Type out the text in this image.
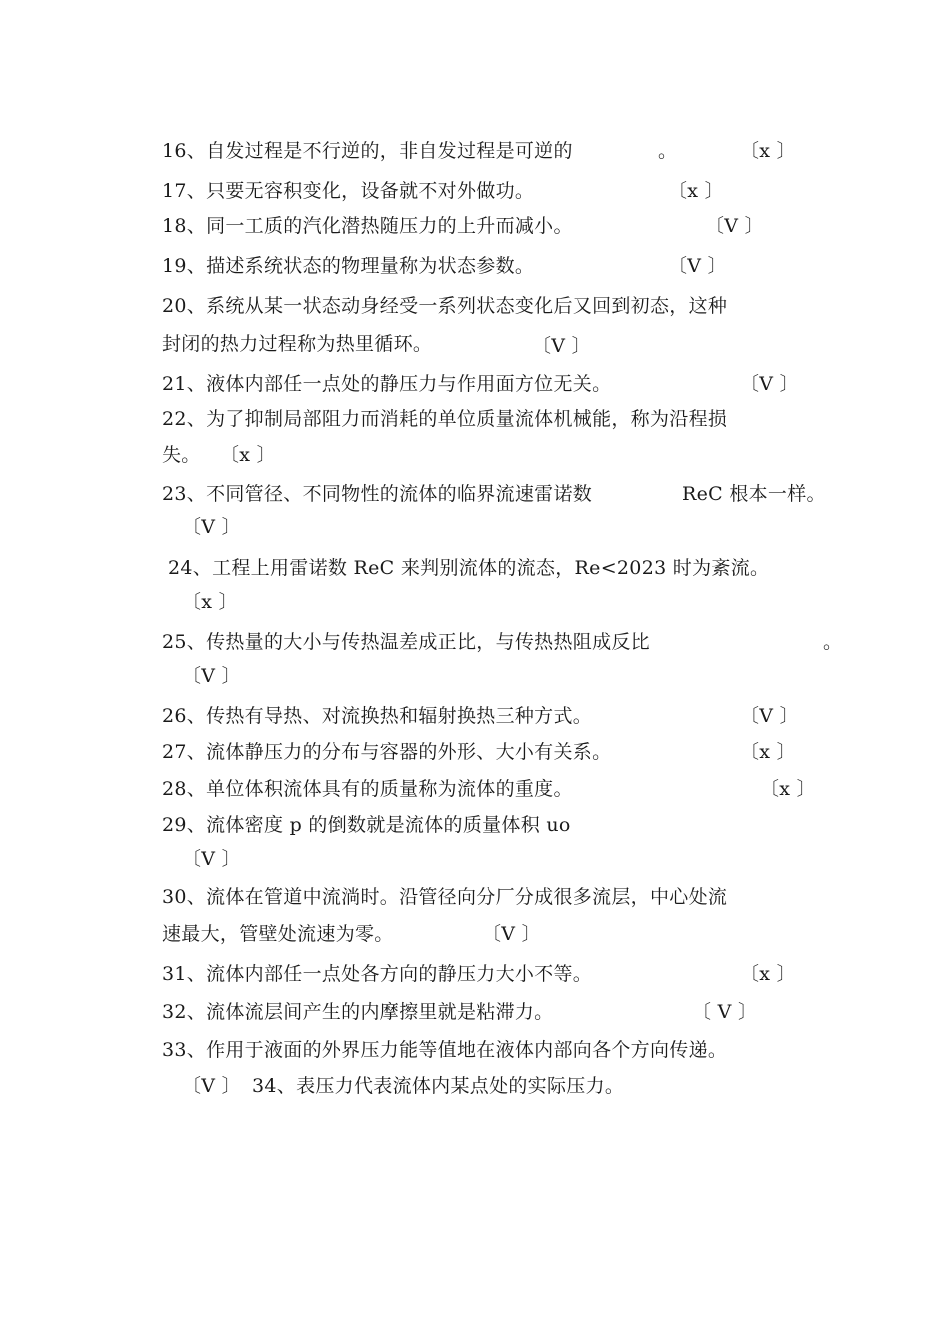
16、自发过程是不行逆的，非自发过程是可逆的	。	〔x 〕
17、只要无容积变化，设备就不对外做功。	〔x 〕
18、同一工质的汽化潜热随压力的上升而减小。	〔V 〕
19、描述系统状态的物理量称为状态参数。	〔V 〕
20、系统从某一状态动身经受一系列状态变化后又回到初态，这种
封闭的热力过程称为热里循环。	〔V 〕
21、液体内部任一点处的静压力与作用面方位无关。	〔V 〕
22、为了抑制局部阻力而消耗的单位质量流体机械能，称为沿程损
失。 〔x 〕
23、不同管径、不同物性的流体的临界流速雷诺数	ReC 根本一样。
〔V 〕
24、工程上用雷诺数 ReC 来判别流体的流态，Re<2023 时为紊流。
〔x 〕
25、传热量的大小与传热温差成正比，与传热热阻成反比	。
〔V 〕
26、传热有导热、对流换热和辐射换热三种方式。	〔V 〕
27、流体静压力的分布与容器的外形、大小有关系。	〔x 〕
28、单位体积流体具有的质量称为流体的重度。	〔x 〕
29、流体密度 p 的倒数就是流体的质量体积 uo
〔V 〕
30、流体在管道中流淌时。沿管径向分厂分成很多流层，中心处流
速最大，管壁处流速为零。	〔V 〕
31、流体内部任一点处各方向的静压力大小不等。	〔x 〕
32、流体流层间产生的内摩擦里就是粘滞力。	〔 V 〕
33、作用于液面的外界压力能等值地在液体内部向各个方向传递。
〔V 〕 34、表压力代表流体内某点处的实际压力。
